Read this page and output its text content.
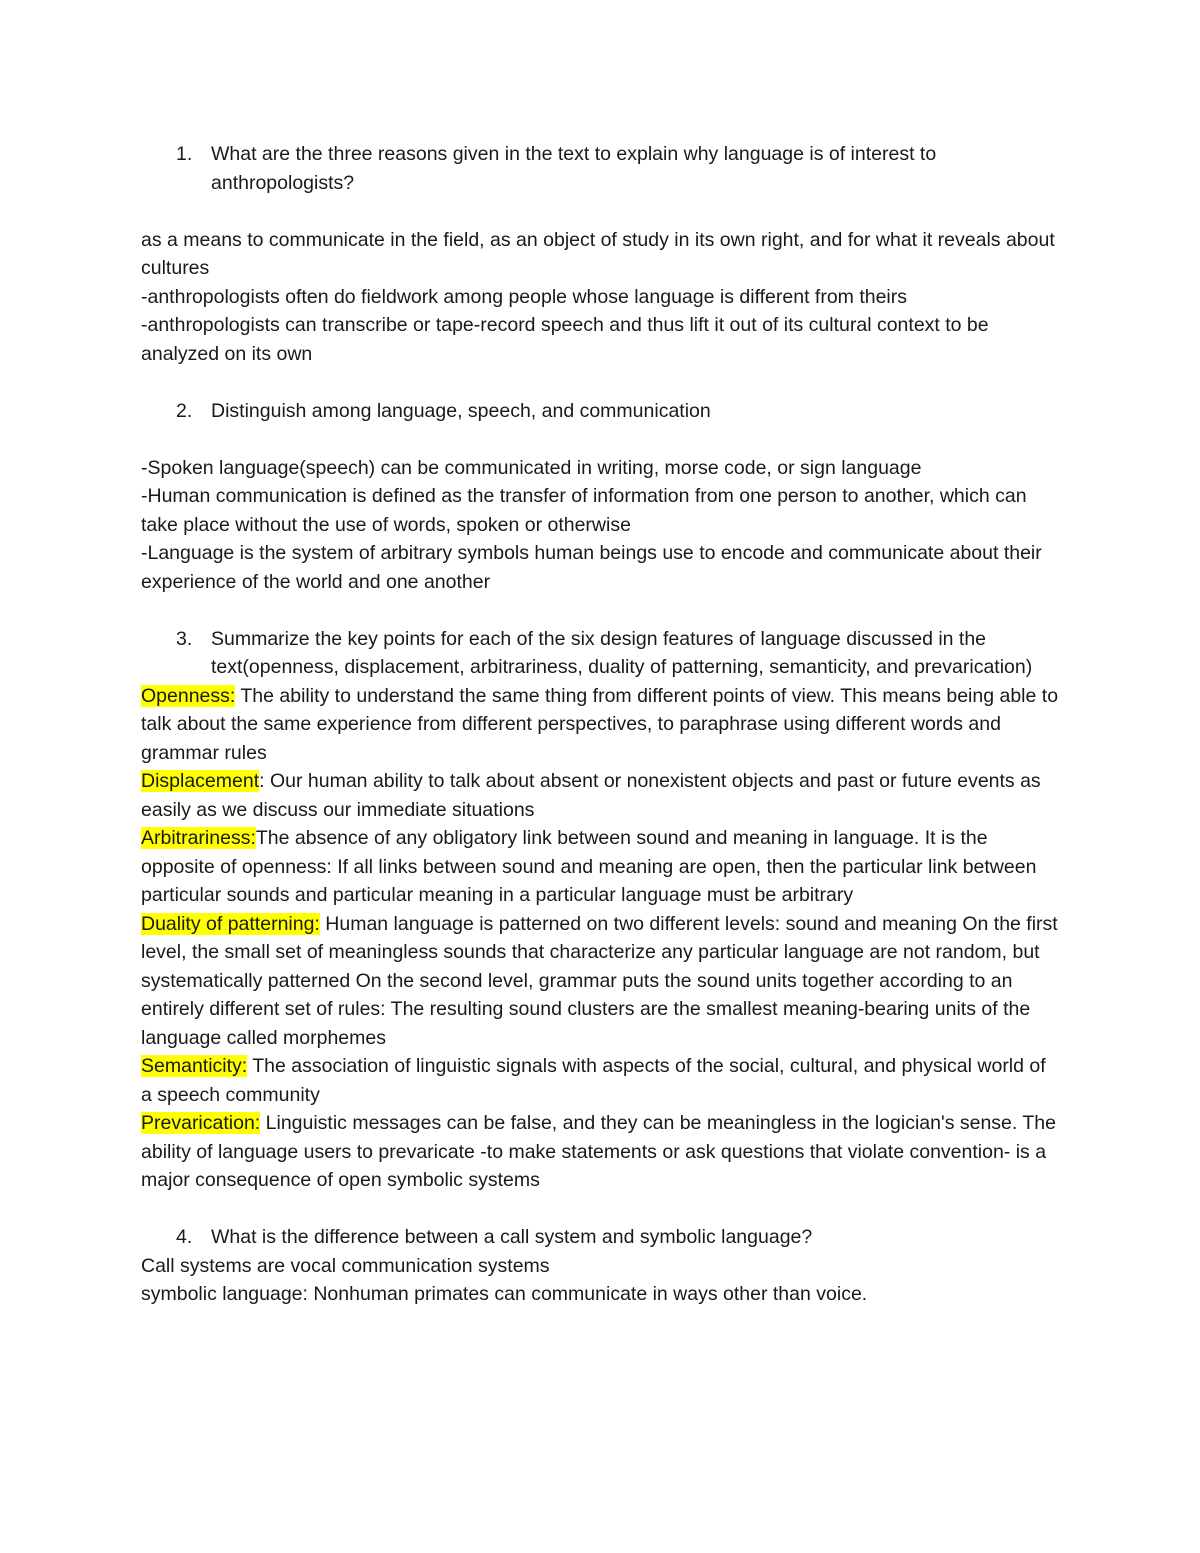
1. What are the three reasons given in the text to explain why language is of interest to anthropologists?

as a means to communicate in the field, as an object of study in its own right, and for what it reveals about cultures

-anthropologists often do fieldwork among people whose language is different from theirs

-anthropologists can transcribe or tape-record speech and thus lift it out of its cultural context to be analyzed on its own

2. Distinguish among language, speech, and communication

-Spoken language(speech) can be communicated in writing, morse code, or sign language

-Human communication is defined as the transfer of information from one person to another, which can take place without the use of words, spoken or otherwise

-Language is the system of arbitrary symbols human beings use to encode and communicate about their experience of the world and one another

3. Summarize the key points for each of the six design features of language discussed in the text(openness, displacement, arbitrariness, duality of patterning, semanticity, and prevarication)

Openness: The ability to understand the same thing from different points of view. This means being able to talk about the same experience from different perspectives, to paraphrase using different words and grammar rules

Displacement: Our human ability to talk about absent or nonexistent objects and past or future events as easily as we discuss our immediate situations

Arbitrariness:The absence of any obligatory link between sound and meaning in language. It is the opposite of openness: If all links between sound and meaning are open, then the particular link between particular sounds and particular meaning in a particular language must be arbitrary

Duality of patterning: Human language is patterned on two different levels: sound and meaning On the first level, the small set of meaningless sounds that characterize any particular language are not random, but systematically patterned On the second level, grammar puts the sound units together according to an entirely different set of rules: The resulting sound clusters are the smallest meaning-bearing units of the language called morphemes

Semanticity: The association of linguistic signals with aspects of the social, cultural, and physical world of a speech community

Prevarication: Linguistic messages can be false, and they can be meaningless in the logician's sense. The ability of language users to prevaricate -to make statements or ask questions that violate convention- is a major consequence of open symbolic systems

4. What is the difference between a call system and symbolic language?

Call systems are vocal communication systems

symbolic language: Nonhuman primates can communicate in ways other than voice.
